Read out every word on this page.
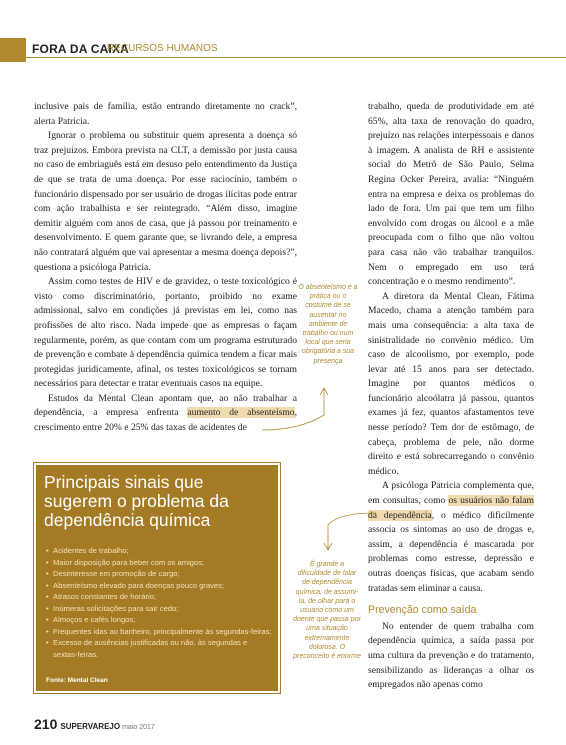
FORA DA CAIXA
RECURSOS HUMANOS

inclusive pais de família, estão entrando diretamente no crack”, alerta Patricia.

Ignorar o problema ou substituir quem apresenta a doença só traz prejuízos. Embora prevista na CLT, a demissão por justa causa no caso de embriaguês está em desuso pelo entendimento da Justiça de que se trata de uma doença. Por esse raciocínio, também o funcionário dispensado por ser usuário de drogas ilícitas pode entrar com ação trabalhista e ser reintegrado. “Além disso, imagine demitir alguém com anos de casa, que já passou por treinamento e desenvolvimento. E quem garante que, se livrando dele, a empresa não contratará alguém que vai apresentar a mesma doença depois?”, questiona a psicóloga Patricia.

Assim como testes de HIV e de gravidez, o teste toxicológico é visto como discriminatório, portanto, proibido no exame admissional, salvo em condições já previstas em lei, como nas profissões de alto risco. Nada impede que as empresas o façam regularmente, porém, as que contam com um programa estruturado de prevenção e combate à dependência química tendem a ficar mais protegidas juridicamente, afinal, os testes toxicológicos se tornam necessários para detectar e tratar eventuais casos na equipe.

Estudos da Mental Clean apontam que, ao não trabalhar a dependência, a empresa enfrenta aumento de absenteísmo, crescimento entre 20% e 25% das taxas de acidentes de

trabalho, queda de produtividade em até 65%, alta taxa de renovação do quadro, prejuízo nas relações interpessoais e danos à imagem. A analista de RH e assistente social do Metrô de São Paulo, Selma Regina Ocker Pereira, avalia: “Ninguém entra na empresa e deixa os problemas do lado de fora. Um pai que tem um filho envolvido com drogas ou álcool e a mãe preocupada com o filho que não voltou para casa não vão trabalhar tranquilos. Nem o empregado em uso terá concentração e o mesmo rendimento”.

A diretora da Mental Clean, Fátima Macedo, chama a atenção também para mais uma consequência: a alta taxa de sinistralidade no convênio médico. Um caso de alcoolismo, por exemplo, pode levar até 15 anos para ser detectado. Imagine por quantos médicos o funcionário alcoólatra já passou, quantos exames já fez, quantos afastamentos teve nesse período? Tem dor de estômago, de cabeça, problema de pele, não dorme direito e está sobrecarregando o convênio médico.

A psicóloga Patricia complementa que, em consultas, como os usuários não falam da dependência, o médico dificilmente associa os sintomas ao uso de drogas e, assim, a dependência é mascarada por problemas como estresse, depressão e outras doenças físicas, que acabam sendo tratadas sem eliminar a causa.

Prevenção como saída

No entender de quem trabalha com dependência química, a saída passa por uma cultura da prevenção e do tratamento, sensibilizando as lideranças a olhar os empregados não apenas como

O absenteísmo é a prática ou o costume de se ausentar no ambiente de trabalho ou num local que seria obrigatória a sua presença
É grande a dificuldade de falar de dependência química, de assumi-la, de olhar para o usuário como um doente que passa por uma situação extremamente dolorosa. O preconceito é enorme
Principais sinais que sugerem o problema da dependência química
• Acidentes de trabalho;
• Maior disposição para beber com os amigos;
• Desinteresse em promoção de cargo;
• Absenteísmo elevado para doenças pouco graves;
• Atrasos constantes de horário;
• Inúmeras solicitações para sair cedo;
• Almoços e cafés longos;
• Frequentes idas ao banheiro, principalmente às segundas-feiras;
• Excesso de ausências justificadas ou não, às segundas e sextas-feiras.
Fonte: Mental Clean
210 SUPERVAREJO maio 2017
